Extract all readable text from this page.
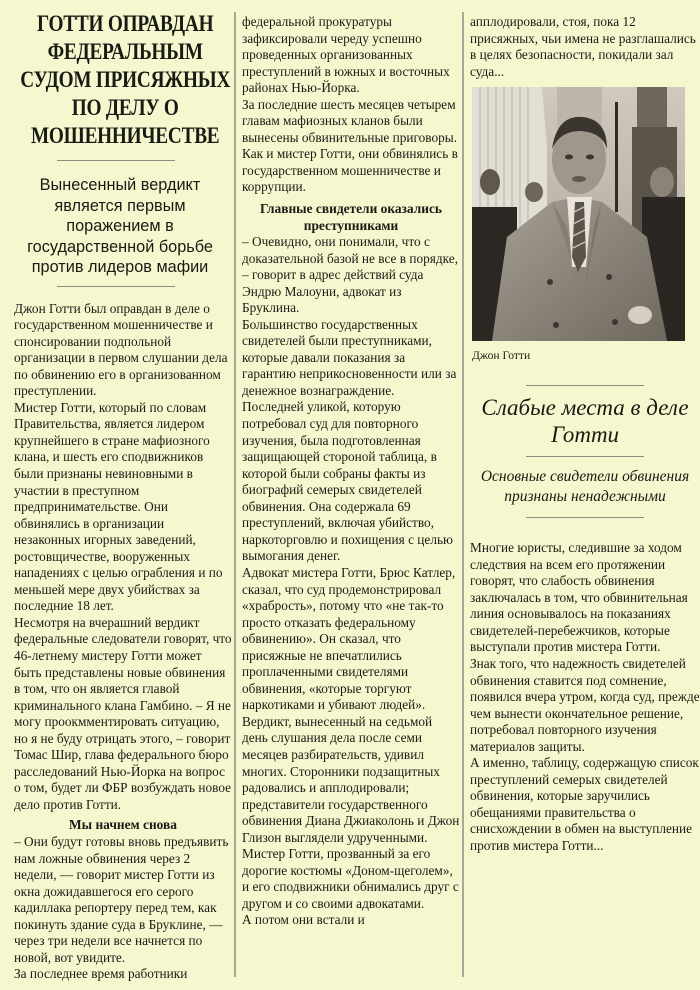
ГОТТИ ОПРАВДАН ФЕДЕРАЛЬНЫМ СУДОМ ПРИСЯЖНЫХ ПО ДЕЛУ О МОШЕННИЧЕСТВЕ
Вынесенный вердикт является первым поражением в государственной борьбе против лидеров мафии

Джон Готти был оправдан в деле о государственном мошенничестве и спонсировании подпольной организации в первом слушании дела по обвинению его в организованном преступлении.

Мистер Готти, который по словам Правительства, является лидером крупнейшего в стране мафиозного клана, и шесть его сподвижников были признаны невиновными в участии в преступном предпринимательстве. Они обвинялись в организации незаконных игорных заведений, ростовщичестве, вооруженных нападениях с целью ограбления и по меньшей мере двух убийствах за последние 18 лет.

Несмотря на вчерашний вердикт федеральные следователи говорят, что 46-летнему мистеру Готти может быть представлены новые обвинения в том, что он является главой криминального клана Гамбино. – Я не могу проокмментировать ситуацию, но я не буду отрицать этого, – говорит Томас Шир, глава федерального бюро расследований Нью-Йорка на вопрос о том, будет ли ФБР возбуждать новое дело против Готти.

Мы начнем снова

– Они будут готовы вновь предъявить нам ложные обвинения через 2 недели, — говорит мистер Готти из окна дожидавшегося его серого кадиллака репортеру перед тем, как покинуть здание суда в Бруклине, — через три недели все начнется по новой, вот увидите.

За последнее время работники

федеральной прокуратуры зафиксировали череду успешно проведенных организованных преступлений в южных и восточных районах Нью-Йорка.

За последние шесть месяцев четырем главам мафиозных кланов были вынесены обвинительные приговоры. Как и мистер Готти, они обвинялись в государственном мошенничестве и коррупции.

Главные свидетели оказались преступниками

– Очевидно, они понимали, что с доказательной базой не все в порядке, – говорит в адрес действий суда Эндрю Малоуни, адвокат из Бруклина.

Большинство государственных свидетелей были преступниками, которые давали показания за гарантию неприкосновенности или за денежное вознаграждение.

Последней уликой, которую потребовал суд для повторного изучения, была подготовленная защищающей стороной таблица, в которой были собраны факты из биографий семерых свидетелей обвинения. Она содержала 69 преступлений, включая убийство, наркоторговлю и похищения с целью вымогания денег.

Адвокат мистера Готти, Брюс Катлер, сказал, что суд продемонстрировал «храбрость», потому что «не так-то просто отказать федеральному обвинению». Он сказал, что присяжные не впечатлились проплаченными свидетелями обвинения, «которые торгуют наркотиками и убивают людей».

Вердикт, вынесенный на седьмой день слушания дела после семи месяцев разбирательств, удивил многих. Сторонники подзащитных радовались и апплодировали; представители государственного обвинения Диана Джиаколонь и Джон Глизон выглядели удрученными.

Мистер Готти, прозванный за его дорогие костюмы «Доном-щеголем», и его сподвижники обнимались друг с другом и со своими адвокатами.

А потом они встали и

апплодировали, стоя, пока 12 присяжных, чьи имена не разглашались в целях безопасности, покидали зал суда...

Джон Готти

Слабые места в деле Готти

Основные свидетели обвинения признаны ненадежными

Многие юристы, следившие за ходом следствия на всем его протяжении говорят, что слабость обвинения заключалась в том, что обвинительная линия основывалось на показаниях свидетелей-перебежчиков, которые выступали против мистера Готти.

Знак того, что надежность свидетелей обвинения ставится под сомнение, появился вчера утром, когда суд, прежде чем вынести окончательное решение, потребовал повторного изучения материалов защиты.

А именно, таблицу, содержащую список преступлений семерых свидетелей обвинения, которые заручились обещаниями правительства о снисхождении в обмен на выступление против мистера Готти...
